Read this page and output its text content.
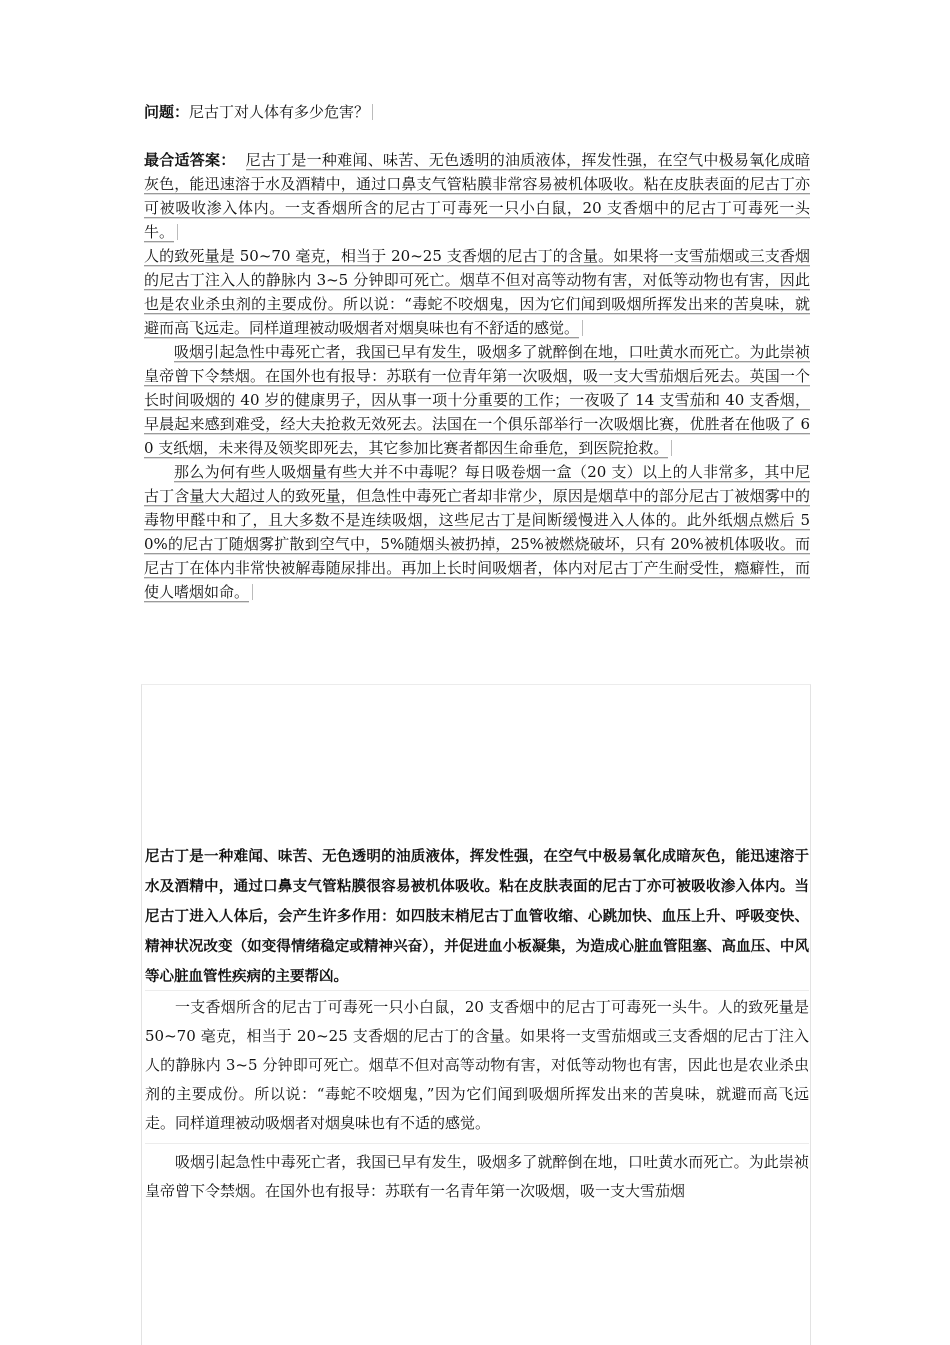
问题：尼古丁对人体有多少危害？

最合适答案： 尼古丁是一种难闻、味苦、无色透明的油质液体，挥发性强，在空气中极易氧化成暗灰色，能迅速溶于水及酒精中，通过口鼻支气管粘膜非常容易被机体吸收。粘在皮肤表面的尼古丁亦可被吸收渗入体内。一支香烟所含的尼古丁可毒死一只小白鼠，20 支香烟中的尼古丁可毒死一头牛。

人的致死量是 50~70 毫克，相当于 20~25 支香烟的尼古丁的含量。如果将一支雪茄烟或三支香烟的尼古丁注入人的静脉内 3~5 分钟即可死亡。烟草不但对高等动物有害，对低等动物也有害，因此也是农业杀虫剂的主要成份。所以说：“毒蛇不咬烟鬼，因为它们闻到吸烟所挥发出来的苦臭味，就避而高飞远走。同样道理被动吸烟者对烟臭味也有不舒适的感觉。

吸烟引起急性中毒死亡者，我国已早有发生，吸烟多了就醉倒在地，口吐黄水而死亡。为此崇祯皇帝曾下令禁烟。在国外也有报导：苏联有一位青年第一次吸烟，吸一支大雪茄烟后死去。英国一个长时间吸烟的 40 岁的健康男子，因从事一项十分重要的工作；一夜吸了 14 支雪茄和 40 支香烟，早晨起来感到难受，经大夫抢救无效死去。法国在一个俱乐部举行一次吸烟比赛，优胜者在他吸了 60 支纸烟，未来得及领奖即死去，其它参加比赛者都因生命垂危，到医院抢救。

那么为何有些人吸烟量有些大并不中毒呢？每日吸卷烟一盒（20 支）以上的人非常多，其中尼古丁含量大大超过人的致死量，但急性中毒死亡者却非常少，原因是烟草中的部分尼古丁被烟雾中的毒物甲醛中和了，且大多数不是连续吸烟，这些尼古丁是间断缓慢进入人体的。此外纸烟点燃后 50%的尼古丁随烟雾扩散到空气中，5%随烟头被扔掉，25%被燃烧破坏，只有 20%被机体吸收。而尼古丁在体内非常快被解毒随尿排出。再加上长时间吸烟者，体内对尼古丁产生耐受性，瘾癖性，而使人嗜烟如命。

尼古丁是一种难闻、味苦、无色透明的油质液体，挥发性强，在空气中极易氧化成暗灰色，能迅速溶于水及酒精中，通过口鼻支气管粘膜很容易被机体吸收。粘在皮肤表面的尼古丁亦可被吸收渗入体内。当尼古丁进入人体后，会产生许多作用：如四肢末梢尼古丁血管收缩、心跳加快、血压上升、呼吸变快、精神状况改变（如变得情绪稳定或精神兴奋），并促进血小板凝集，为造成心脏血管阻塞、高血压、中风等心脏血管性疾病的主要帮凶。

一支香烟所含的尼古丁可毒死一只小白鼠，20 支香烟中的尼古丁可毒死一头牛。人的致死量是 50~70 毫克，相当于 20~25 支香烟的尼古丁的含量。如果将一支雪茄烟或三支香烟的尼古丁注入人的静脉内 3~5 分钟即可死亡。烟草不但对高等动物有害，对低等动物也有害，因此也是农业杀虫剂的主要成份。所以说：“毒蛇不咬烟鬼，”因为它们闻到吸烟所挥发出来的苦臭味，就避而高飞远走。同样道理被动吸烟者对烟臭味也有不适的感觉。

吸烟引起急性中毒死亡者，我国已早有发生，吸烟多了就醉倒在地，口吐黄水而死亡。为此崇祯皇帝曾下令禁烟。在国外也有报导：苏联有一名青年第一次吸烟，吸一支大雪茄烟
